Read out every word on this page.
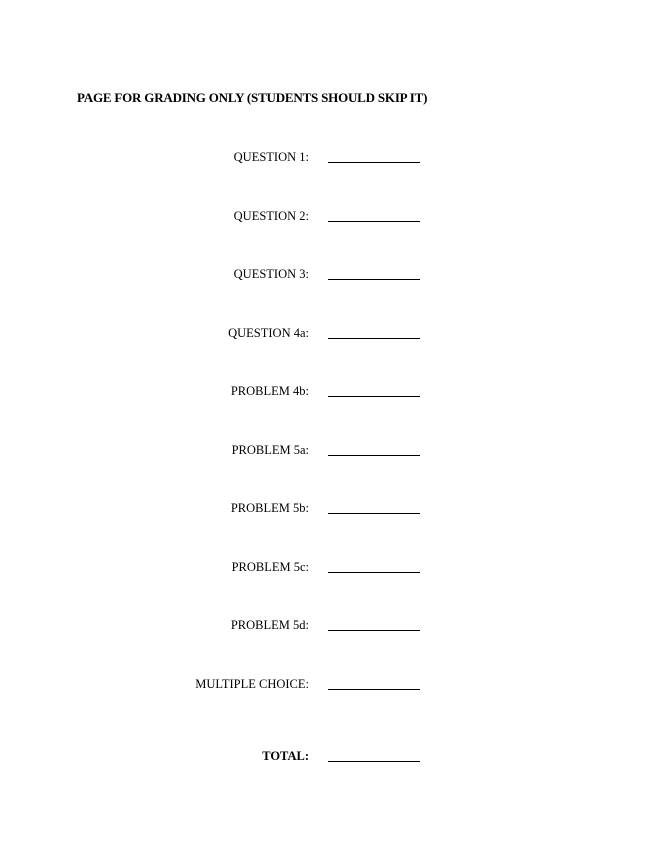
PAGE FOR GRADING ONLY (STUDENTS SHOULD SKIP IT)
QUESTION 1:
QUESTION 2:
QUESTION 3:
QUESTION 4a:
PROBLEM 4b:
PROBLEM 5a:
PROBLEM 5b:
PROBLEM 5c:
PROBLEM 5d:
MULTIPLE CHOICE:
TOTAL:
